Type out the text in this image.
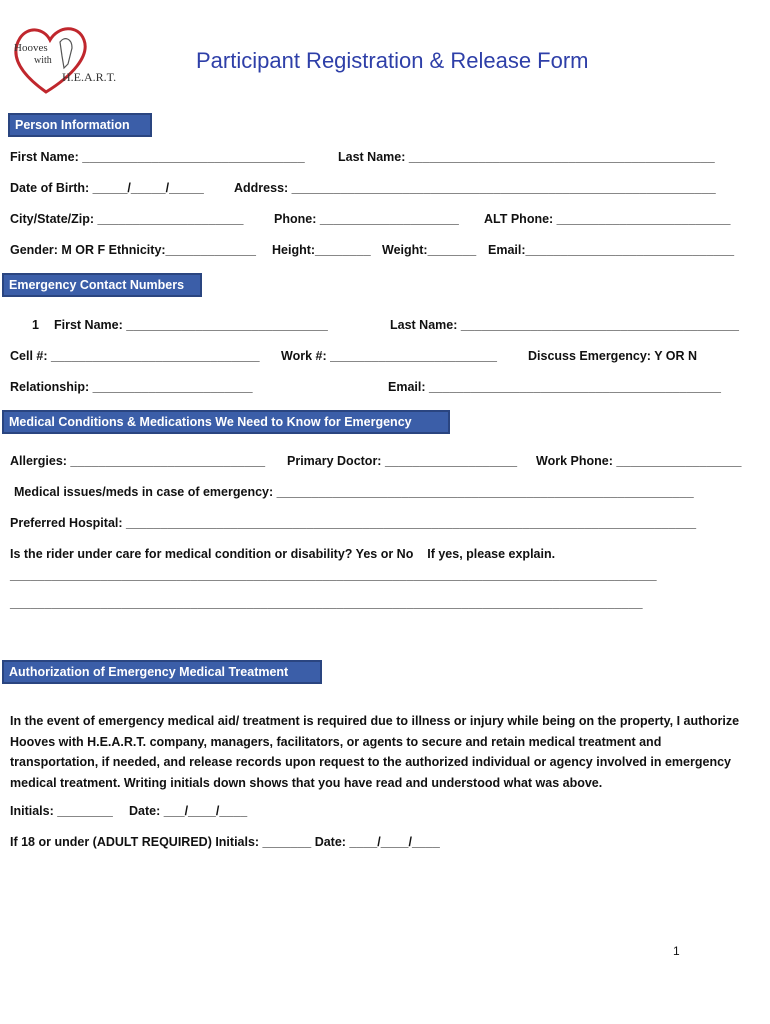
Hooves
with
H.E.A.R.T.
Participant Registration & Release Form
Person Information
First Name: ________________________________	Last Name: ____________________________________________
Date of Birth: _____/_____/_____ Address: _____________________________________________________________
City/State/Zip: _____________________ Phone: ____________________ ALT Phone: _________________________
Gender: M OR F Ethnicity:_____________ Height:________ Weight:_______ Email:______________________________
Emergency Contact Numbers
1 First Name: _____________________________	Last Name: ________________________________________
Cell #: ______________________________ Work #: ________________________ Discuss Emergency: Y OR N
Relationship: _______________________	Email: __________________________________________
Medical Conditions & Medications We Need to Know for Emergency
Allergies: ____________________________ Primary Doctor: ___________________ Work Phone: __________________
Medical issues/meds in case of emergency: ____________________________________________________________
Preferred Hospital: __________________________________________________________________________________
Is the rider under care for medical condition or disability? Yes or No    If yes, please explain.
_____________________________________________________________________________________________
___________________________________________________________________________________________
Authorization of Emergency Medical Treatment
In the event of emergency medical aid/ treatment is required due to illness or injury while being on the property, I authorize Hooves with H.E.A.R.T. company, managers, facilitators, or agents to secure and retain medical treatment and transportation, if needed, and release records upon request to the authorized individual or agency involved in emergency medical treatment. Writing initials down shows that you have read and understood what was above.
Initials: ________ Date: ___/____/____
If 18 or under (ADULT REQUIRED) Initials: _______ Date: ____/____/____
1
